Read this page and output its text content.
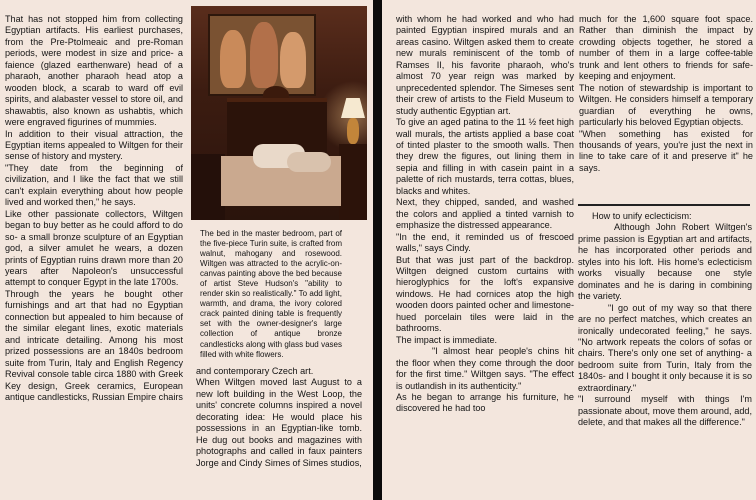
That has not stopped him from collecting Egyptian artifacts. His earliest purchases, from the Pre-Ptolmeaic and pre-Roman periods, were modest in size and price- a faience (glazed earthenware) head of a pharaoh, another pharaoh head atop a wooden block, a scarab to ward off evil spirits, and alabaster vessel to store oil, and shawabtis, also known as ushabtis, which were engraved figurines of mummies.

In addition to their visual attraction, the Egyptian items appealed to Wiltgen for their sense of history and mystery.

"They date from the beginning of civilization, and I like the fact that we still can't explain everything about how people lived and worked then," he says.

Like other passionate collectors, Wiltgen began to buy better as he could afford to do so- a small bronze sculpture of an Egyptian god, a silver amulet he wears, a dozen prints of Egyptian ruins drawn more than 20 years after Napoleon's unsuccessful attempt to conquer Egypt in the late 1700s.

Through the years he bought other furnishings and art that had no Egyptian connection but appealed to him because of the similar elegant lines, exotic materials and intricate detailing. Among his most prized possessions are an 1840s bedroom suite from Turin, Italy and English Regency Revival console table circa 1880 with Greek Key design, Greek ceramics, European antique candlesticks, Russian Empire chairs

The bed in the master bedroom, part of the five-piece Turin suite, is crafted from walnut, mahogany and rosewood. Wiltgen was attracted to the acrylic-on-canvas painting above the bed because of artist Steve Hudson's "ability to render skin so realistically." To add light, warmth, and drama, the ivory colored crack painted dining table is frequently set with the owner-designer's large collection of antique bronze candlesticks along with glass bud vases filled with white flowers.

and contemporary Czech art.

When Wiltgen moved last August to a new loft building in the West Loop, the units' concrete columns inspired a novel decorating idea: He would place his possessions in an Egyptian-like tomb. He dug out books and magazines with photographs and called in faux painters Jorge and Cindy Simes of Simes studios,

with whom he had worked and who had painted Egyptian inspired murals and an areas casino. Wiltgen asked them to create new murals reminiscent of the tomb of Ramses II, his favorite pharaoh, who's almost 70 year reign was marked by unprecedented splendor. The Simeses sent their crew of artists to the Field Museum to study authentic Egyptian art.

To give an aged patina to the 11 ½ feet high wall murals, the artists applied a base coat of tinted plaster to the smooth walls. Then they drew the figures, out lining them in sepia and filling in with casein paint in a palette of rich mustards, terra cottas, blues, blacks and whites.

Next, they chipped, sanded, and washed the colors and applied a tinted varnish to emphasize the distressed appearance.

"In the end, it reminded us of frescoed walls," says Cindy.

But that was just part of the backdrop. Wiltgen deigned custom curtains with hieroglyphics for the loft's expansive windows. He had cornices atop the high wooden doors painted ocher and limestone-hued porcelain tiles were laid in the bathrooms.

The impact is immediate.

"I almost hear people's chins hit the floor when they come through the door for the first time." Wiltgen says. "The effect is outlandish in its authenticity."

As he began to arrange his furniture, he discovered he had too

much for the 1,600 square foot space. Rather than diminish the impact by crowding objects together, he stored a number of them in a large coffee-table trunk and lent others to friends for safe-keeping and enjoyment.

The notion of stewardship is important to Wiltgen. He considers himself a temporary guardian of everything he owns, particularly his beloved Egyptian objects.

"When something has existed for thousands of years, you're just the next in line to take care of it and preserve it" he says.

How to unify eclecticism:

Although John Robert Wiltgen's prime passion is Egyptian art and artifacts, he has incorporated other periods and styles into his loft. His home's eclecticism works visually because one style dominates and he is daring in combining the variety.

"I go out of my way so that there are no perfect matches, which creates an ironically undecorated feeling," he says. "No artwork repeats the colors of sofas or chairs. There's only one set of anything- a bedroom suite from Turin, Italy from the 1840s- and I bought it only because it is so extraordinary."

"I surround myself with things I'm passionate about, move them around, add, delete, and that makes all the difference."
